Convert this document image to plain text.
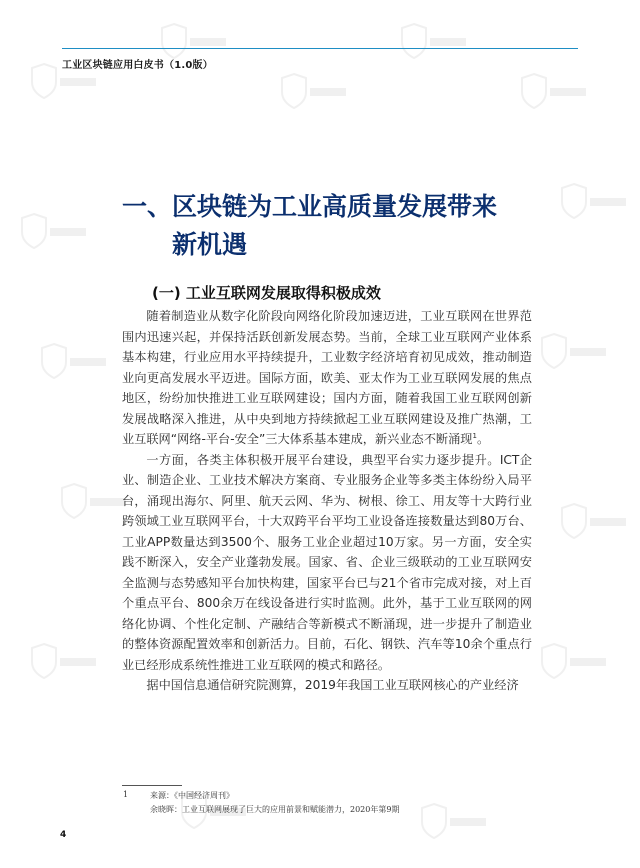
工业区块链应用白皮书（1.0版）
一、区块链为工业高质量发展带来
新机遇
(一) 工业互联网发展取得积极成效

随着制造业从数字化阶段向网络化阶段加速迈进，工业互联网在世界范围内迅速兴起，并保持活跃创新发展态势。当前，全球工业互联网产业体系基本构建，行业应用水平持续提升，工业数字经济培育初见成效，推动制造业向更高发展水平迈进。国际方面，欧美、亚太作为工业互联网发展的焦点地区，纷纷加快推进工业互联网建设；国内方面，随着我国工业互联网创新发展战略深入推进，从中央到地方持续掀起工业互联网建设及推广热潮，工业互联网“网络-平台-安全”三大体系基本建成，新兴业态不断涌现$^1$。

一方面，各类主体积极开展平台建设，典型平台实力逐步提升。ICT企业、制造企业、工业技术解决方案商、专业服务企业等多类主体纷纷入局平台，涌现出海尔、阿里、航天云网、华为、树根、徐工、用友等十大跨行业跨领域工业互联网平台，十大双跨平台平均工业设备连接数量达到80万台、工业APP数量达到3500个、服务工业企业超过10万家。另一方面，安全实践不断深入，安全产业蓬勃发展。国家、省、企业三级联动的工业互联网安全监测与态势感知平台加快构建，国家平台已与21个省市完成对接，对上百个重点平台、800余万在线设备进行实时监测。此外，基于工业互联网的网络化协调、个性化定制、产融结合等新模式不断涌现，进一步提升了制造业的整体资源配置效率和创新活力。目前，石化、钢铁、汽车等10余个重点行业已经形成系统性推进工业互联网的模式和路径。

据中国信息通信研究院测算，2019年我国工业互联网核心的产业经济

1	来源：《中国经济周刊》
余晓晖：工业互联网展现了巨大的应用前景和赋能潜力，2020年第9期
4
